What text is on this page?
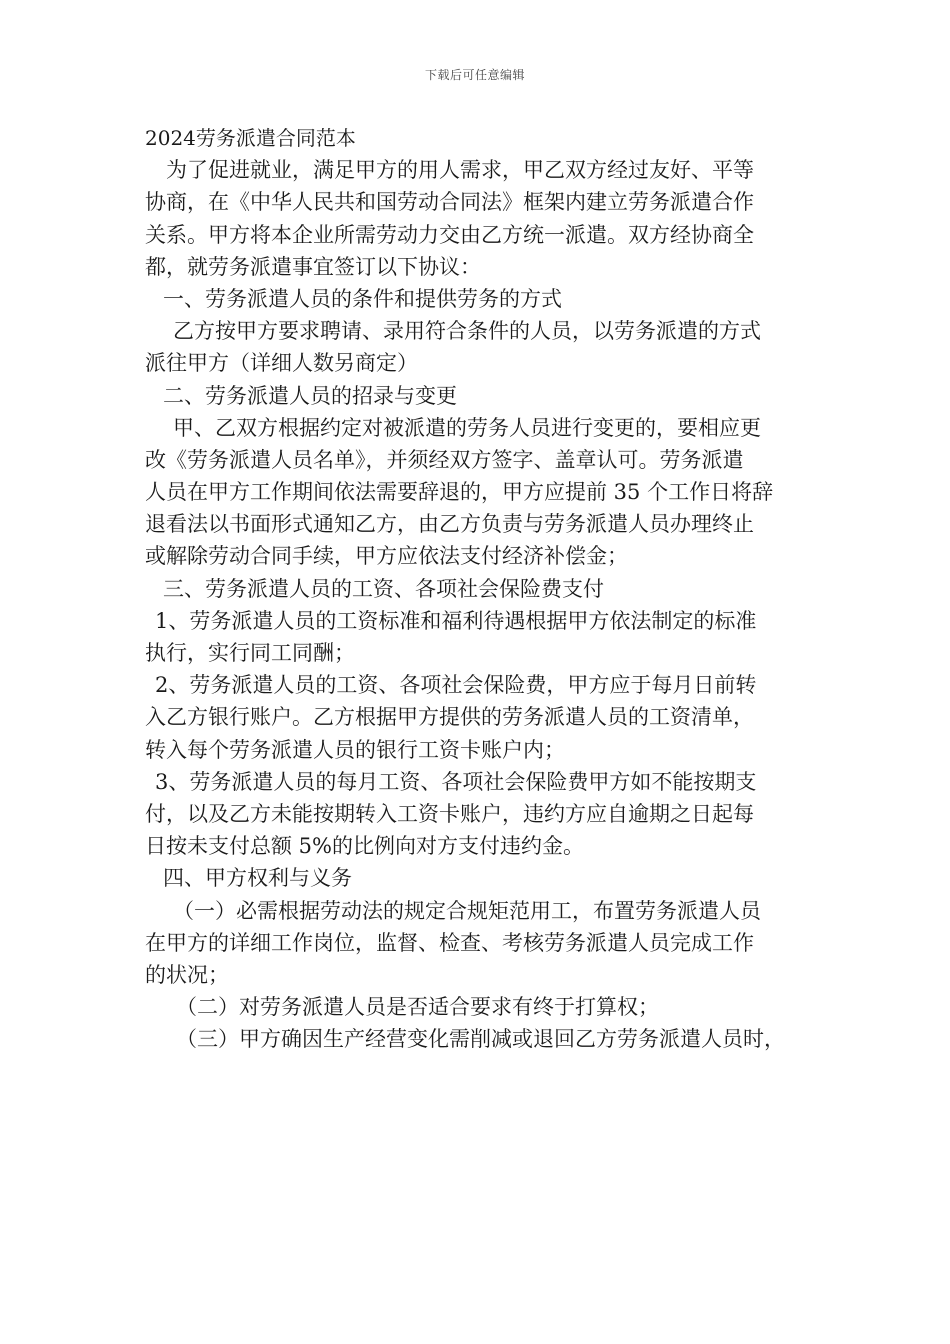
下载后可任意编辑
2024劳务派遣合同范本
为了促进就业，满足甲方的用人需求，甲乙双方经过友好、平等
协商，在《中华人民共和国劳动合同法》框架内建立劳务派遣合作
关系。甲方将本企业所需劳动力交由乙方统一派遣。双方经协商全
都，就劳务派遣事宜签订以下协议：
一、劳务派遣人员的条件和提供劳务的方式
乙方按甲方要求聘请、录用符合条件的人员，以劳务派遣的方式
派往甲方（详细人数另商定）
二、劳务派遣人员的招录与变更
甲、乙双方根据约定对被派遣的劳务人员进行变更的，要相应更
改《劳务派遣人员名单》，并须经双方签字、盖章认可。劳务派遣
人员在甲方工作期间依法需要辞退的，甲方应提前 35 个工作日将辞
退看法以书面形式通知乙方，由乙方负责与劳务派遣人员办理终止
或解除劳动合同手续，甲方应依法支付经济补偿金；
三、劳务派遣人员的工资、各项社会保险费支付
1、劳务派遣人员的工资标准和福利待遇根据甲方依法制定的标准
执行，实行同工同酬；
2、劳务派遣人员的工资、各项社会保险费，甲方应于每月日前转
入乙方银行账户。乙方根据甲方提供的劳务派遣人员的工资清单，
转入每个劳务派遣人员的银行工资卡账户内；
3、劳务派遣人员的每月工资、各项社会保险费甲方如不能按期支
付，以及乙方未能按期转入工资卡账户，违约方应自逾期之日起每
日按未支付总额 5%的比例向对方支付违约金。
四、甲方权利与义务
（一）必需根据劳动法的规定合规矩范用工，布置劳务派遣人员
在甲方的详细工作岗位，监督、检查、考核劳务派遣人员完成工作
的状况；
（二）对劳务派遣人员是否适合要求有终于打算权；
（三）甲方确因生产经营变化需削减或退回乙方劳务派遣人员时，
